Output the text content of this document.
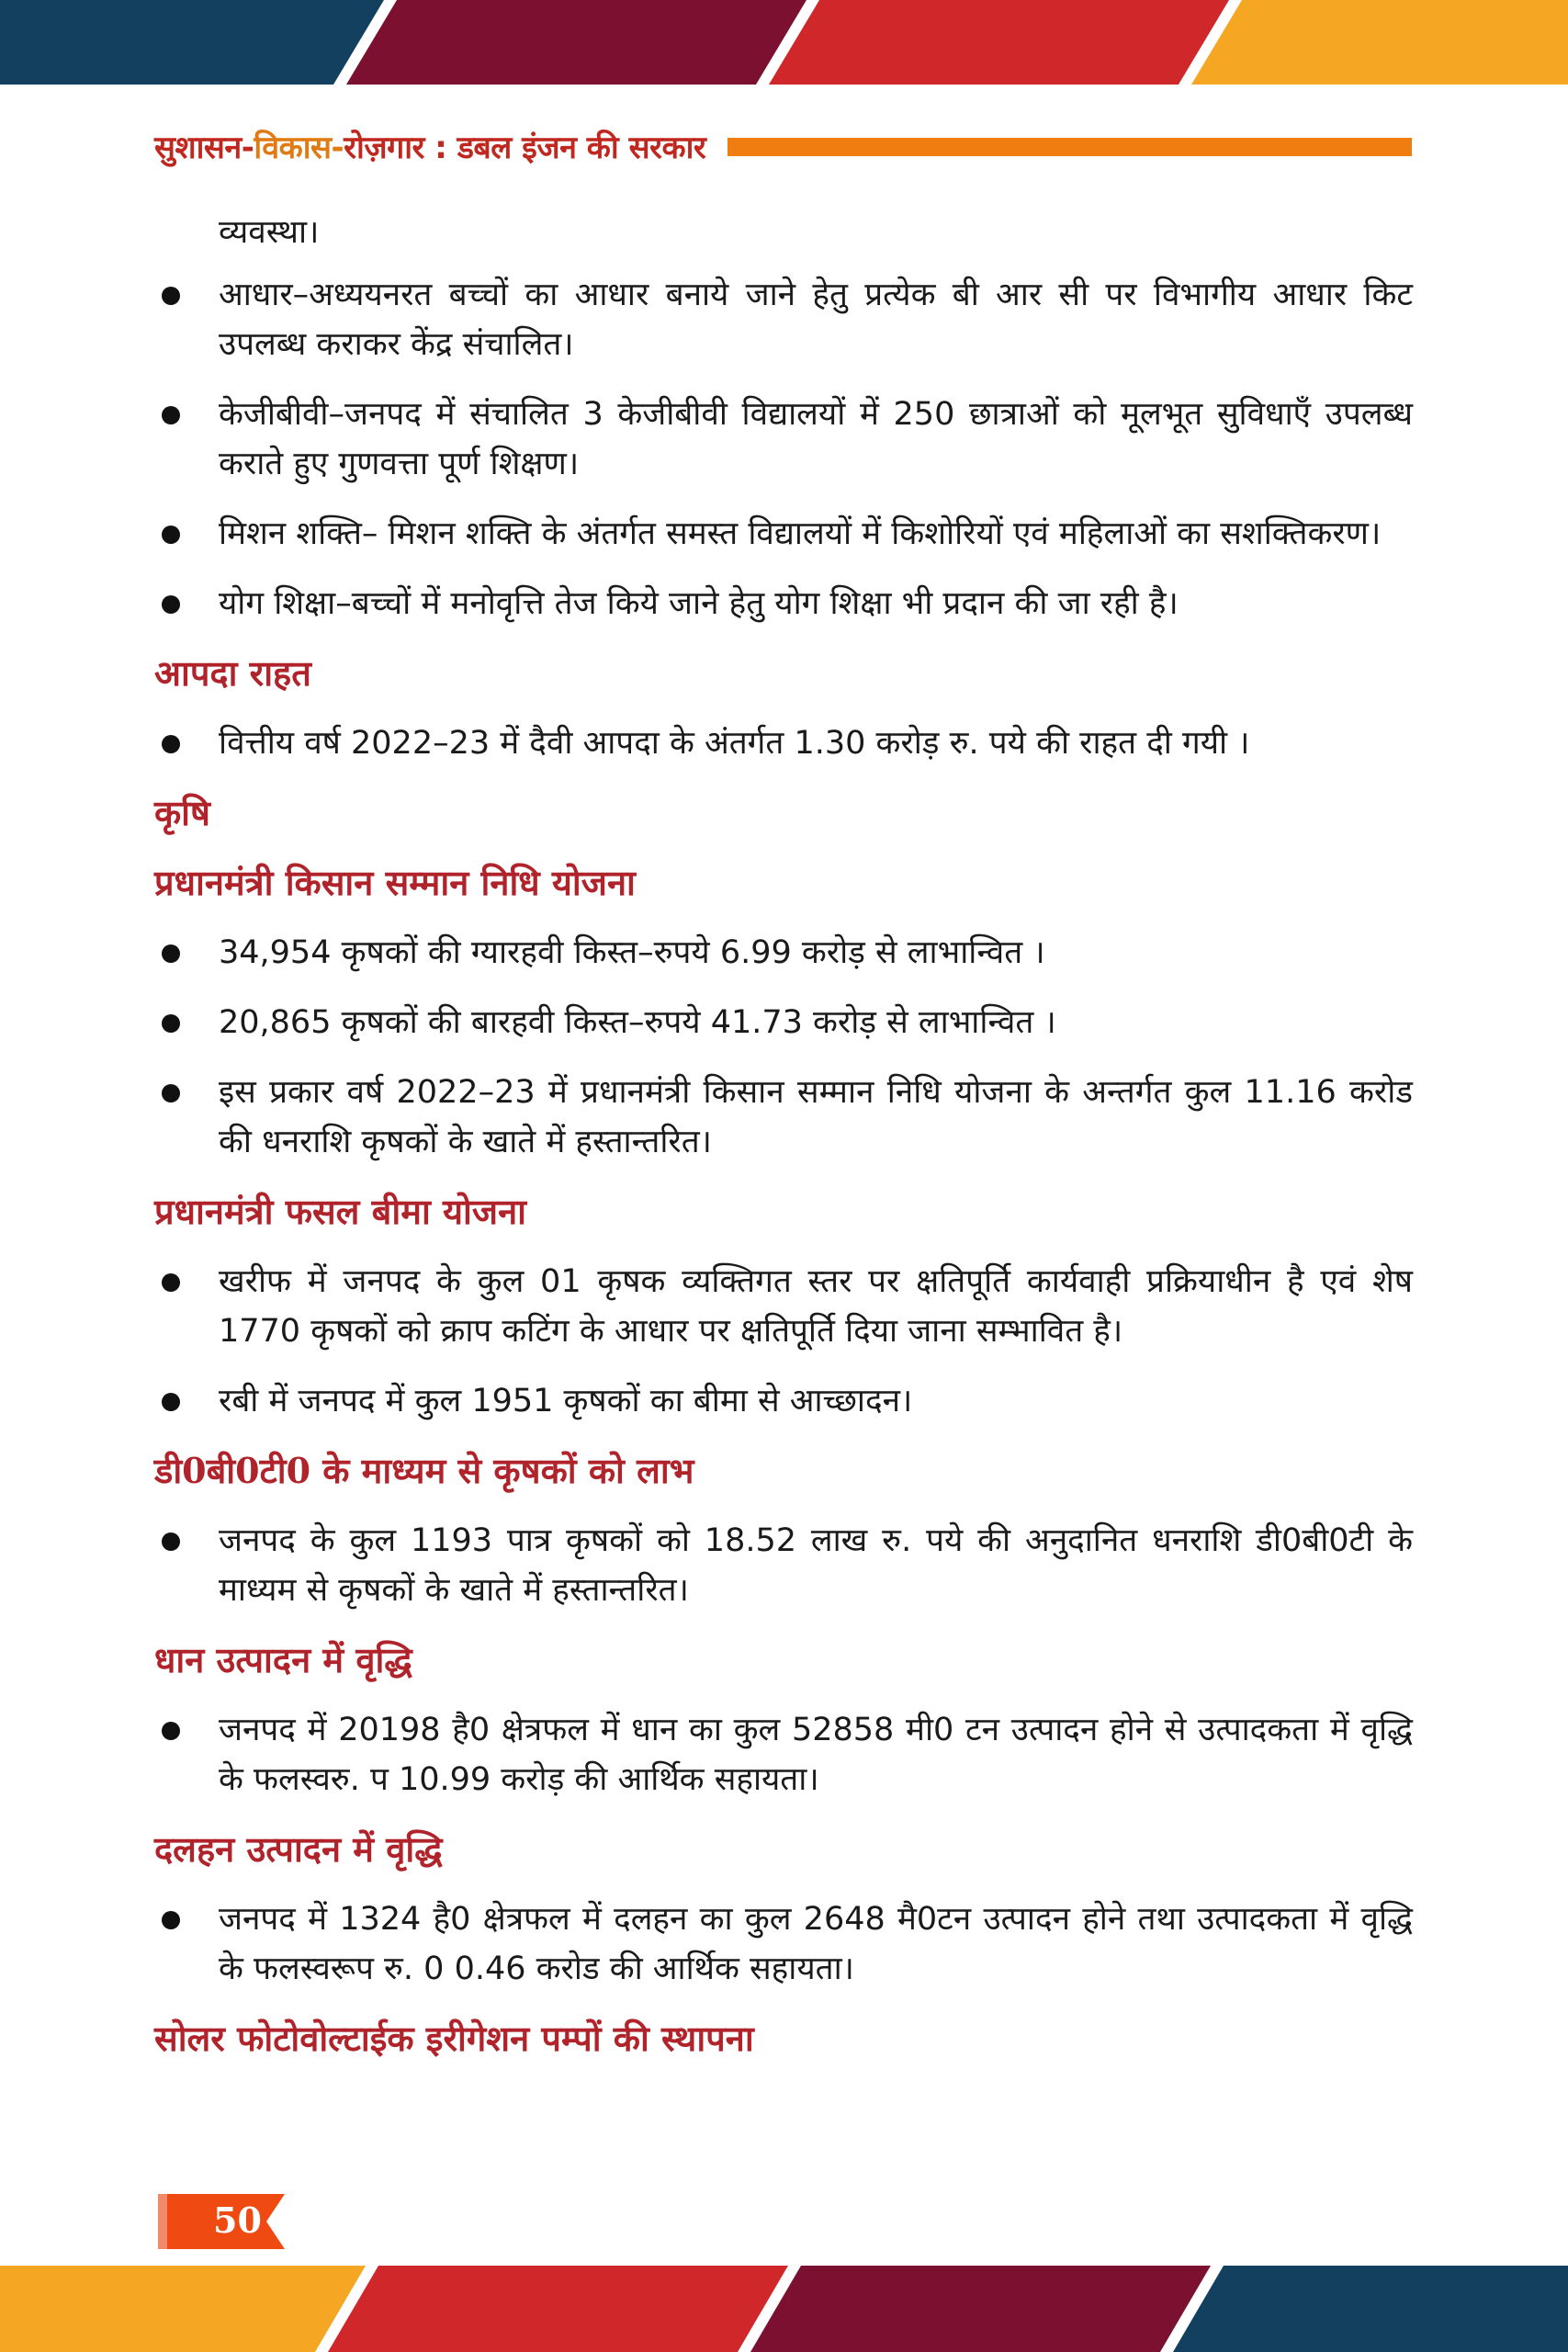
सुशासन-विकास-रोज़गार : डबल इंजन की सरकार

व्यवस्था।

आधार–अध्ययनरत बच्चों का आधार बनाये जाने हेतु प्रत्येक बी आर सी पर विभागीय आधार किट उपलब्ध कराकर केंद्र संचालित।
केजीबीवी–जनपद में संचालित 3 केजीबीवी विद्यालयों में 250 छात्राओं को मूलभूत सुविधाएँ उपलब्ध कराते हुए गुणवत्ता पूर्ण शिक्षण।
मिशन शक्ति– मिशन शक्ति के अंतर्गत समस्त विद्यालयों में किशोरियों एवं महिलाओं का सशक्तिकरण।
योग शिक्षा–बच्चों में मनोवृत्ति तेज किये जाने हेतु योग शिक्षा भी प्रदान की जा रही है।
आपदा राहत
वित्तीय वर्ष 2022–23 में दैवी आपदा के अंतर्गत 1.30 करोड़ रु. पये की राहत दी गयी ।
कृषि
प्रधानमंत्री किसान सम्मान निधि योजना
34,954 कृषकों की ग्यारहवी किस्त–रुपये 6.99 करोड़ से लाभान्वित ।
20,865 कृषकों की बारहवी किस्त–रुपये 41.73 करोड़ से लाभान्वित ।
इस प्रकार वर्ष 2022–23 में प्रधानमंत्री किसान सम्मान निधि योजना के अन्तर्गत कुल 11.16 करोड की धनराशि कृषकों के खाते में हस्तान्तरित।
प्रधानमंत्री फसल बीमा योजना
खरीफ में जनपद के कुल 01 कृषक व्यक्तिगत स्तर पर क्षतिपूर्ति कार्यवाही प्रक्रियाधीन है एवं शेष 1770 कृषकों को क्राप कटिंग के आधार पर क्षतिपूर्ति दिया जाना सम्भावित है।
रबी में जनपद में कुल 1951 कृषकों का बीमा से आच्छादन।
डी0बी0टी0 के माध्यम से कृषकों को लाभ
जनपद के कुल 1193 पात्र कृषकों को 18.52 लाख रु. पये की अनुदानित धनराशि डी0बी0टी के माध्यम से कृषकों के खाते में हस्तान्तरित।
धान उत्पादन में वृद्धि
जनपद में 20198 है0 क्षेत्रफल में धान का कुल 52858 मी0 टन उत्पादन होने से उत्पादकता में वृद्धि के फलस्वरु. प 10.99 करोड़ की आर्थिक सहायता।
दलहन उत्पादन में वृद्धि
जनपद में 1324 है0 क्षेत्रफल में दलहन का कुल 2648 मै0टन उत्पादन होने तथा उत्पादकता में वृद्धि के फलस्वरूप रु. 0 0.46 करोड की आर्थिक सहायता।
सोलर फोटोवोल्टाईक इरीगेशन पम्पों की स्थापना
50
